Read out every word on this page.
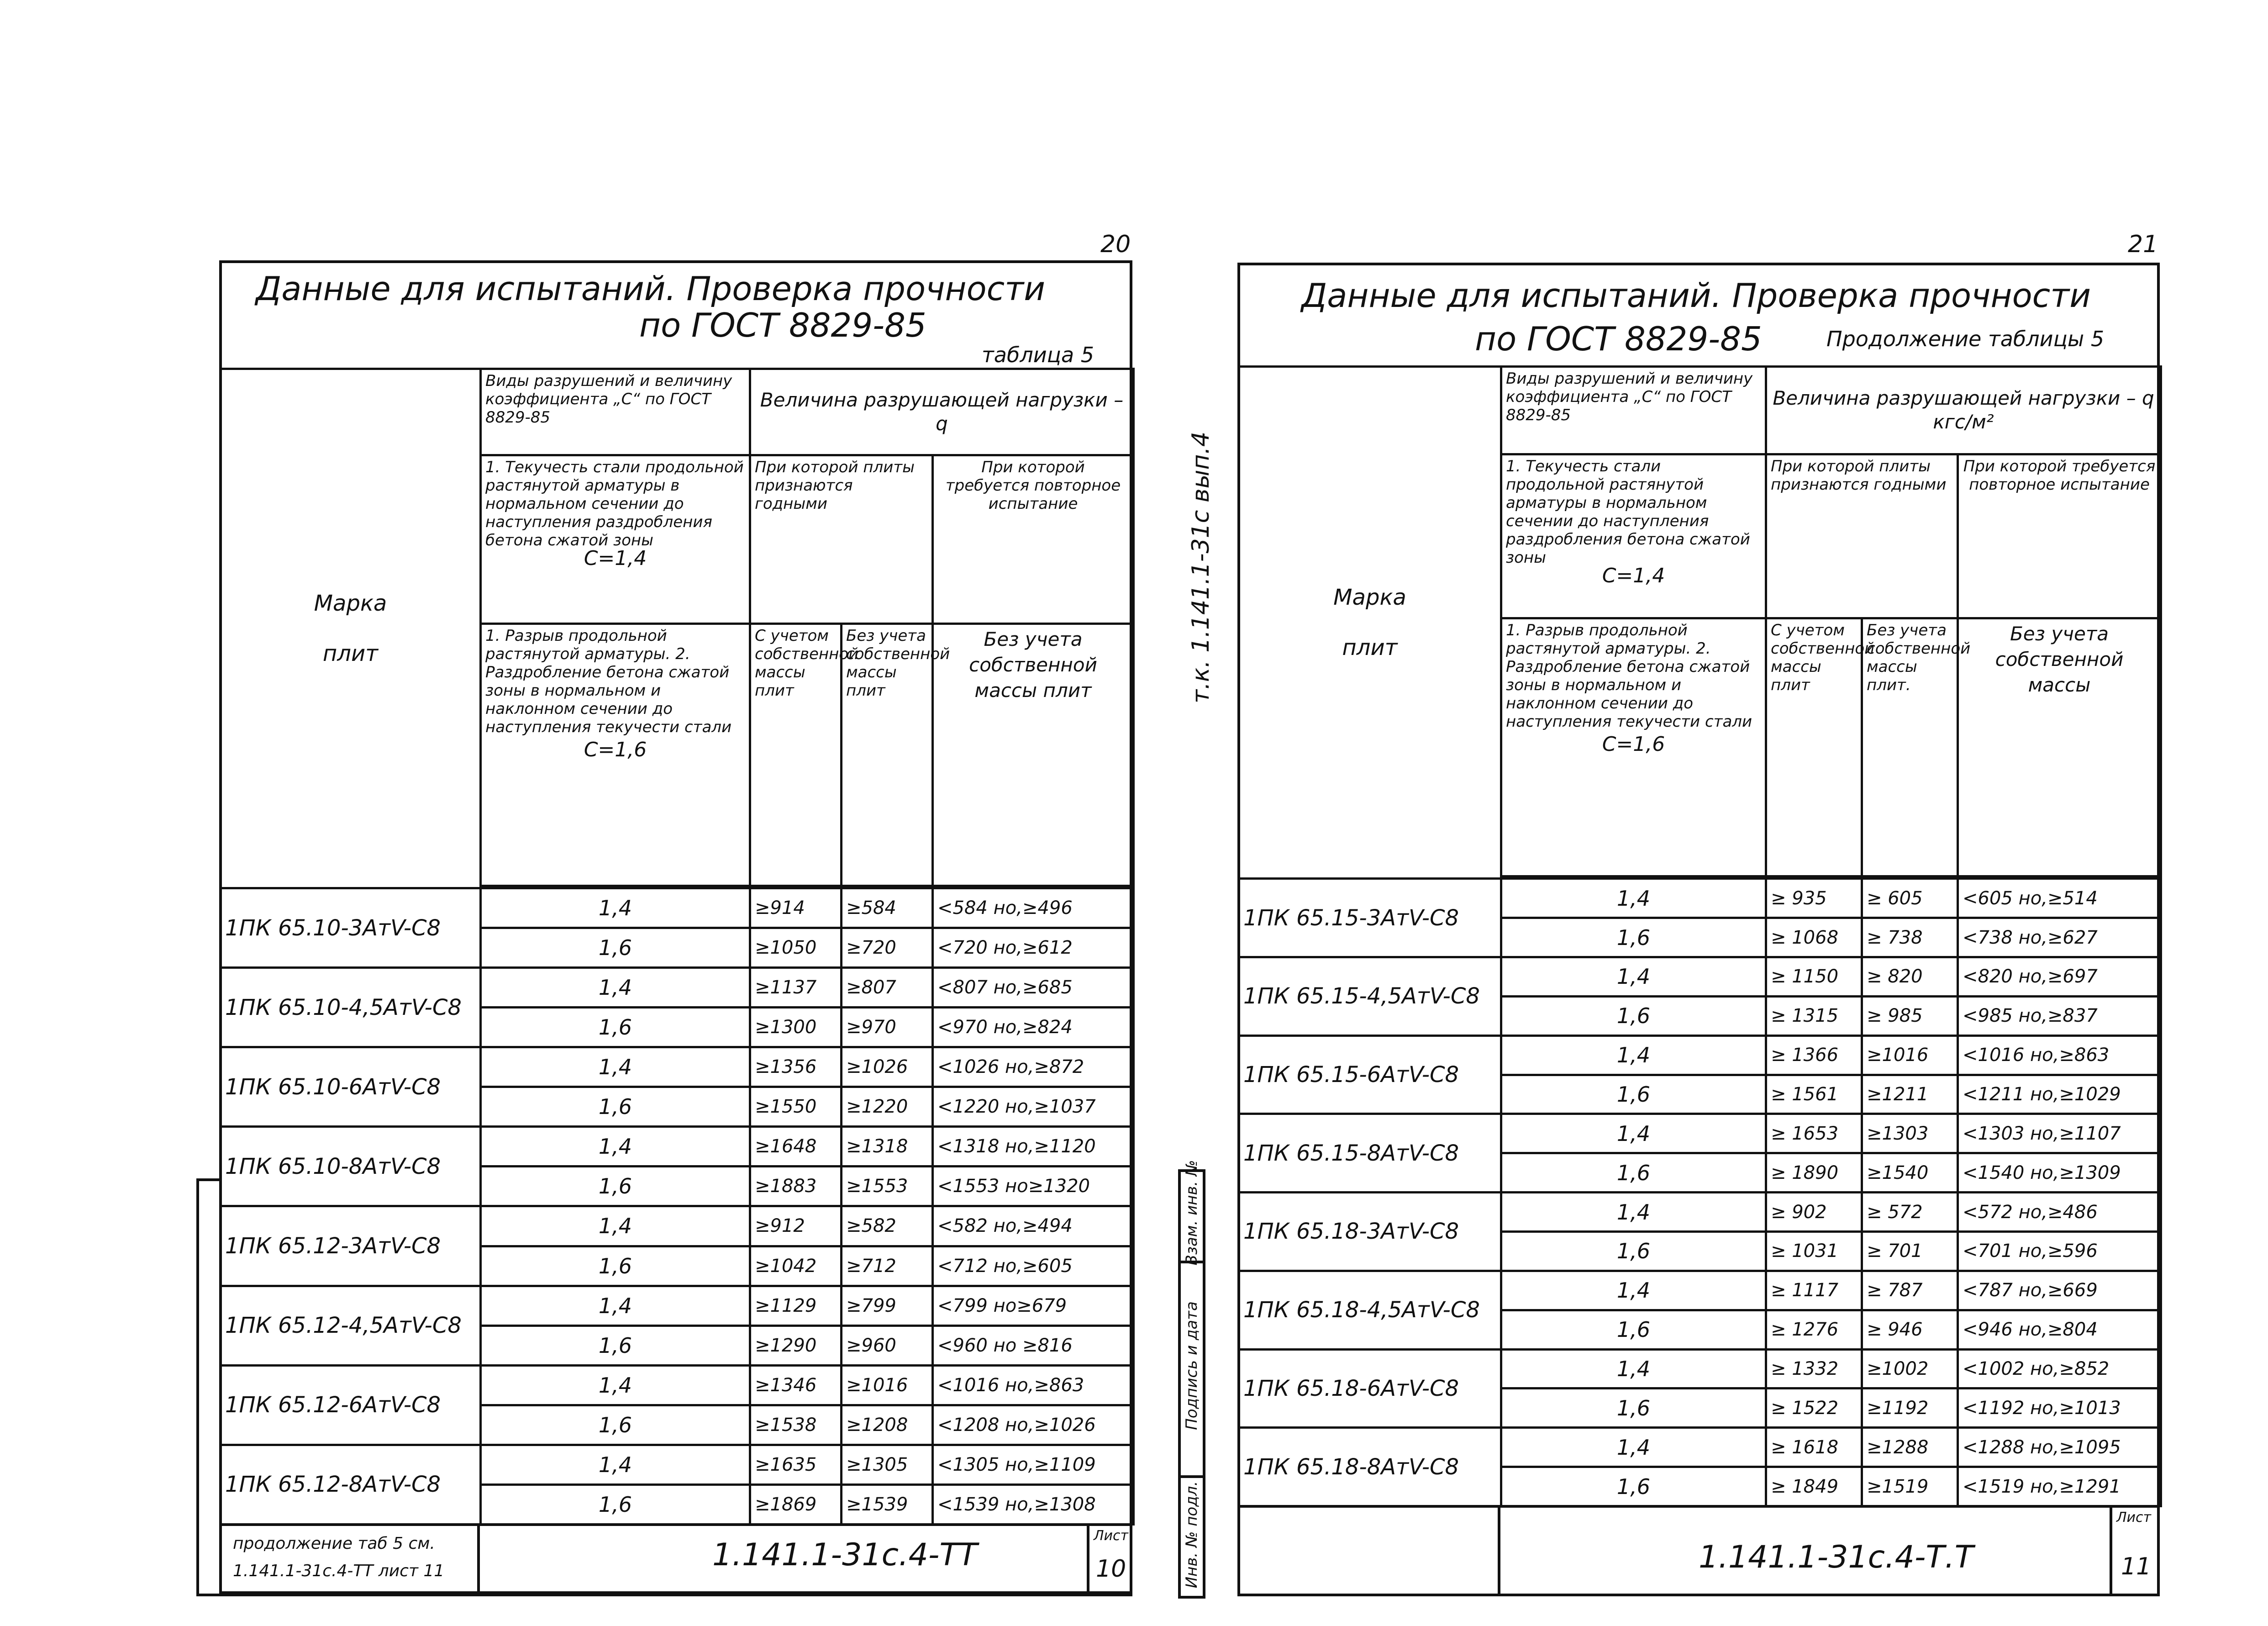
20
Данные для испытаний. Проверка прочности
по ГОСТ 8829-85
таблица 5
Марка
плит	Виды разрушений и величину коэффициента „С“ по ГОСТ 8829-85	Величина разрушающей нагрузки – q		

	1. Текучесть стали продольной растянутой арматуры в нормальном сечении до наступления раздробления бетона сжатой зоны
C=1,4	При которой плиты признаются годными		При которой требуется повторное испытание

	1. Разрыв продольной растянутой арматуры. 2. Раздробление бетона сжатой зоны в нормальном и наклонном сечении до наступления текучести стали
C=1,6	С учетом собственной массы плит	Без учета собственной массы плит	Без учета собственной массы плит

1ПК 65.10-3АтV-С8	1,4	≥914	≥584	<584 но,≥496
	1,6	≥1050	≥720	<720 но,≥612
1ПК 65.10-4,5АтV-С8	1,4	≥1137	≥807	<807 но,≥685
	1,6	≥1300	≥970	<970 но,≥824
1ПК 65.10-6АтV-С8	1,4	≥1356	≥1026	<1026 но,≥872
	1,6	≥1550	≥1220	<1220 но,≥1037
1ПК 65.10-8АтV-С8	1,4	≥1648	≥1318	<1318 но,≥1120
	1,6	≥1883	≥1553	<1553 но≥1320
1ПК 65.12-3АтV-С8	1,4	≥912	≥582	<582 но,≥494
	1,6	≥1042	≥712	<712 но,≥605
1ПК 65.12-4,5АтV-С8	1,4	≥1129	≥799	<799 но≥679
	1,6	≥1290	≥960	<960 но ≥816
1ПК 65.12-6АтV-С8	1,4	≥1346	≥1016	<1016 но,≥863
	1,6	≥1538	≥1208	<1208 но,≥1026
1ПК 65.12-8АтV-С8	1,4	≥1635	≥1305	<1305 но,≥1109
	1,6	≥1869	≥1539	<1539 но,≥1308
продолжение таб 5 см.
1.141.1-31с.4-ТТ лист 11	1.141.1-31с.4-ТТ
Лист
10
т.к. 1.141.1-31с вып.4
Взам. инв. №
Подпись и дата
Инв. № подл.
21
Данные для испытаний. Проверка прочности
по ГОСТ 8829-85	Продолжение таблицы 5
Марка
плит	Виды разрушений и величину коэффициента „С“ по ГОСТ 8829-85	Величина разрушающей нагрузки – q кгс/м²		

	1. Текучесть стали продольной растянутой арматуры в нормальном сечении до наступления раздробления бетона сжатой зоны
C=1,4	При которой плиты признаются годными		При которой требуется повторное испытание

	1. Разрыв продольной растянутой арматуры. 2. Раздробление бетона сжатой зоны в нормальном и наклонном сечении до наступления текучести стали
C=1,6	С учетом собственной массы плит	Без учета собственной массы плит.	Без учета собственной массы

1ПК 65.15-3АтV-С8	1,4	≥ 935	≥ 605	<605 но,≥514
	1,6	≥ 1068	≥ 738	<738 но,≥627
1ПК 65.15-4,5АтV-С8	1,4	≥ 1150	≥ 820	<820 но,≥697
	1,6	≥ 1315	≥ 985	<985 но,≥837
1ПК 65.15-6АтV-С8	1,4	≥ 1366	≥1016	<1016 но,≥863
	1,6	≥ 1561	≥1211	<1211 но,≥1029
1ПК 65.15-8АтV-С8	1,4	≥ 1653	≥1303	<1303 но,≥1107
	1,6	≥ 1890	≥1540	<1540 но,≥1309
1ПК 65.18-3АтV-С8	1,4	≥ 902	≥ 572	<572 но,≥486
	1,6	≥ 1031	≥ 701	<701 но,≥596
1ПК 65.18-4,5АтV-С8	1,4	≥ 1117	≥ 787	<787 но,≥669
	1,6	≥ 1276	≥ 946	<946 но,≥804
1ПК 65.18-6АтV-С8	1,4	≥ 1332	≥1002	<1002 но,≥852
	1,6	≥ 1522	≥1192	<1192 но,≥1013
1ПК 65.18-8АтV-С8	1,4	≥ 1618	≥1288	<1288 но,≥1095
	1,6	≥ 1849	≥1519	<1519 но,≥1291
1.141.1-31с.4-Т.Т
Лист
11
